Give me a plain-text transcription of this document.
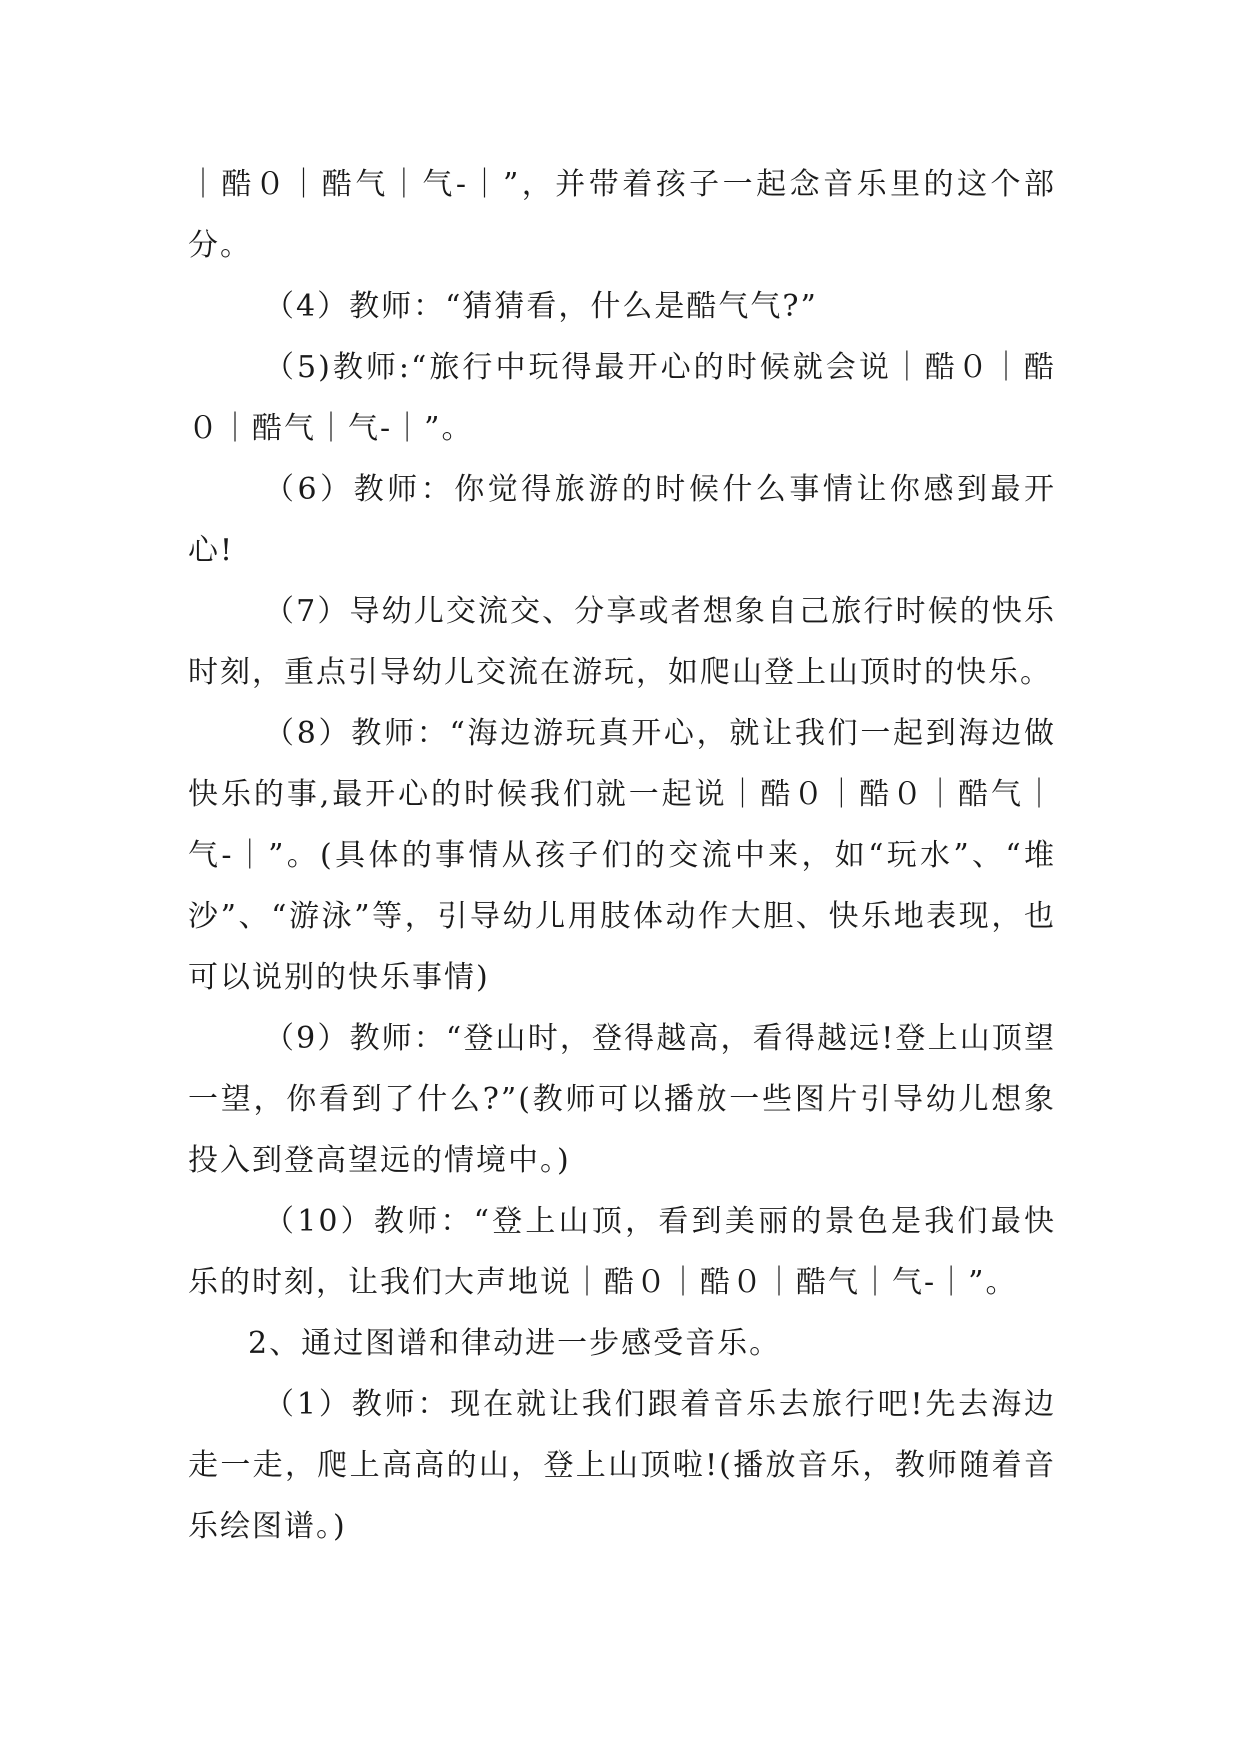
｜酷０｜酷气｜气-｜”，并带着孩子一起念音乐里的这个部分。

（4）教师：“猜猜看，什么是酷气气?”

（5)教师:“旅行中玩得最开心的时候就会说｜酷０｜酷０｜酷气｜气-｜”。

（6）教师：你觉得旅游的时候什么事情让你感到最开心!

（7）导幼儿交流交、分享或者想象自己旅行时候的快乐时刻，重点引导幼儿交流在游玩，如爬山登上山顶时的快乐。

（8）教师：“海边游玩真开心，就让我们一起到海边做快乐的事,最开心的时候我们就一起说｜酷０｜酷０｜酷气｜气-｜”。(具体的事情从孩子们的交流中来，如“玩水”、“堆沙”、“游泳”等，引导幼儿用肢体动作大胆、快乐地表现，也可以说别的快乐事情)

（9）教师：“登山时，登得越高，看得越远!登上山顶望一望，你看到了什么?”(教师可以播放一些图片引导幼儿想象投入到登高望远的情境中。)

（10）教师：“登上山顶，看到美丽的景色是我们最快乐的时刻，让我们大声地说｜酷０｜酷０｜酷气｜气-｜”。

2、通过图谱和律动进一步感受音乐。

（1）教师：现在就让我们跟着音乐去旅行吧!先去海边走一走，爬上高高的山，登上山顶啦!(播放音乐，教师随着音乐绘图谱。)
